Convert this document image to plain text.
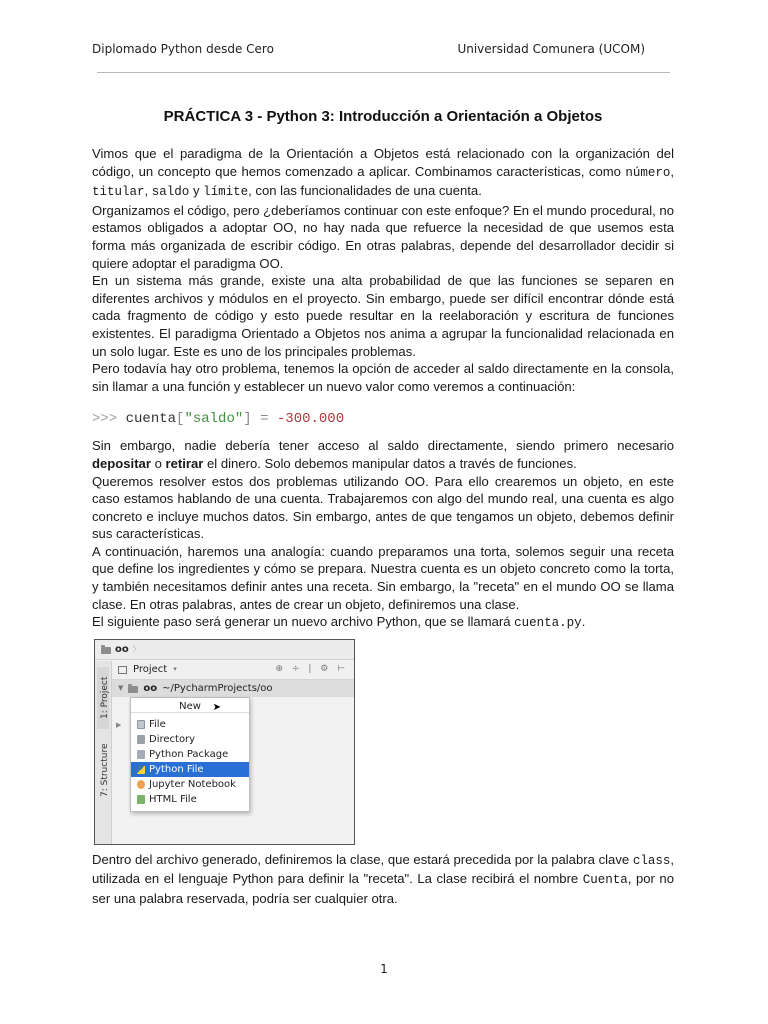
Diplomado Python desde Cero	Universidad Comunera (UCOM)
PRÁCTICA 3 - Python 3: Introducción a Orientación a Objetos

Vimos que el paradigma de la Orientación a Objetos está relacionado con la organización del código, un concepto que hemos comenzado a aplicar. Combinamos características, como número, titular, saldo y límite, con las funcionalidades de una cuenta.

Organizamos el código, pero ¿deberíamos continuar con este enfoque? En el mundo procedural, no estamos obligados a adoptar OO, no hay nada que refuerce la necesidad de que usemos esta forma más organizada de escribir código. En otras palabras, depende del desarrollador decidir si quiere adoptar el paradigma OO.

En un sistema más grande, existe una alta probabilidad de que las funciones se separen en diferentes archivos y módulos en el proyecto. Sin embargo, puede ser difícil encontrar dónde está cada fragmento de código y esto puede resultar en la reelaboración y escritura de funciones existentes. El paradigma Orientado a Objetos nos anima a agrupar la funcionalidad relacionada en un solo lugar. Este es uno de los principales problemas.

Pero todavía hay otro problema, tenemos la opción de acceder al saldo directamente en la consola, sin llamar a una función y establecer un nuevo valor como veremos a continuación:

>>> cuenta["saldo"] = -300.000

Sin embargo, nadie debería tener acceso al saldo directamente, siendo primero necesario depositar o retirar el dinero. Solo debemos manipular datos a través de funciones.

Queremos resolver estos dos problemas utilizando OO. Para ello crearemos un objeto, en este caso estamos hablando de una cuenta. Trabajaremos con algo del mundo real, una cuenta es algo concreto e incluye muchos datos. Sin embargo, antes de que tengamos un objeto, debemos definir sus características.

A continuación, haremos una analogía: cuando preparamos una torta, solemos seguir una receta que define los ingredientes y cómo se prepara. Nuestra cuenta es un objeto concreto como la torta, y también necesitamos definir antes una receta. Sin embargo, la "receta" en el mundo OO se llama clase. En otras palabras, antes de crear un objeto, definiremos una clase.

El siguiente paso será generar un nuevo archivo Python, que se llamará cuenta.py.

oo 〉
1: Project
7: Structure
Project ▾	⊕ ÷ | ⚙ ⊢
▼ oo ~/PycharmProjects/oo
▶
New ➤
File
Directory
Python Package
Python File
Jupyter Notebook
HTML File

Dentro del archivo generado, definiremos la clase, que estará precedida por la palabra clave class, utilizada en el lenguaje Python para definir la "receta". La clase recibirá el nombre Cuenta, por no ser una palabra reservada, podría ser cualquier otra.

1
